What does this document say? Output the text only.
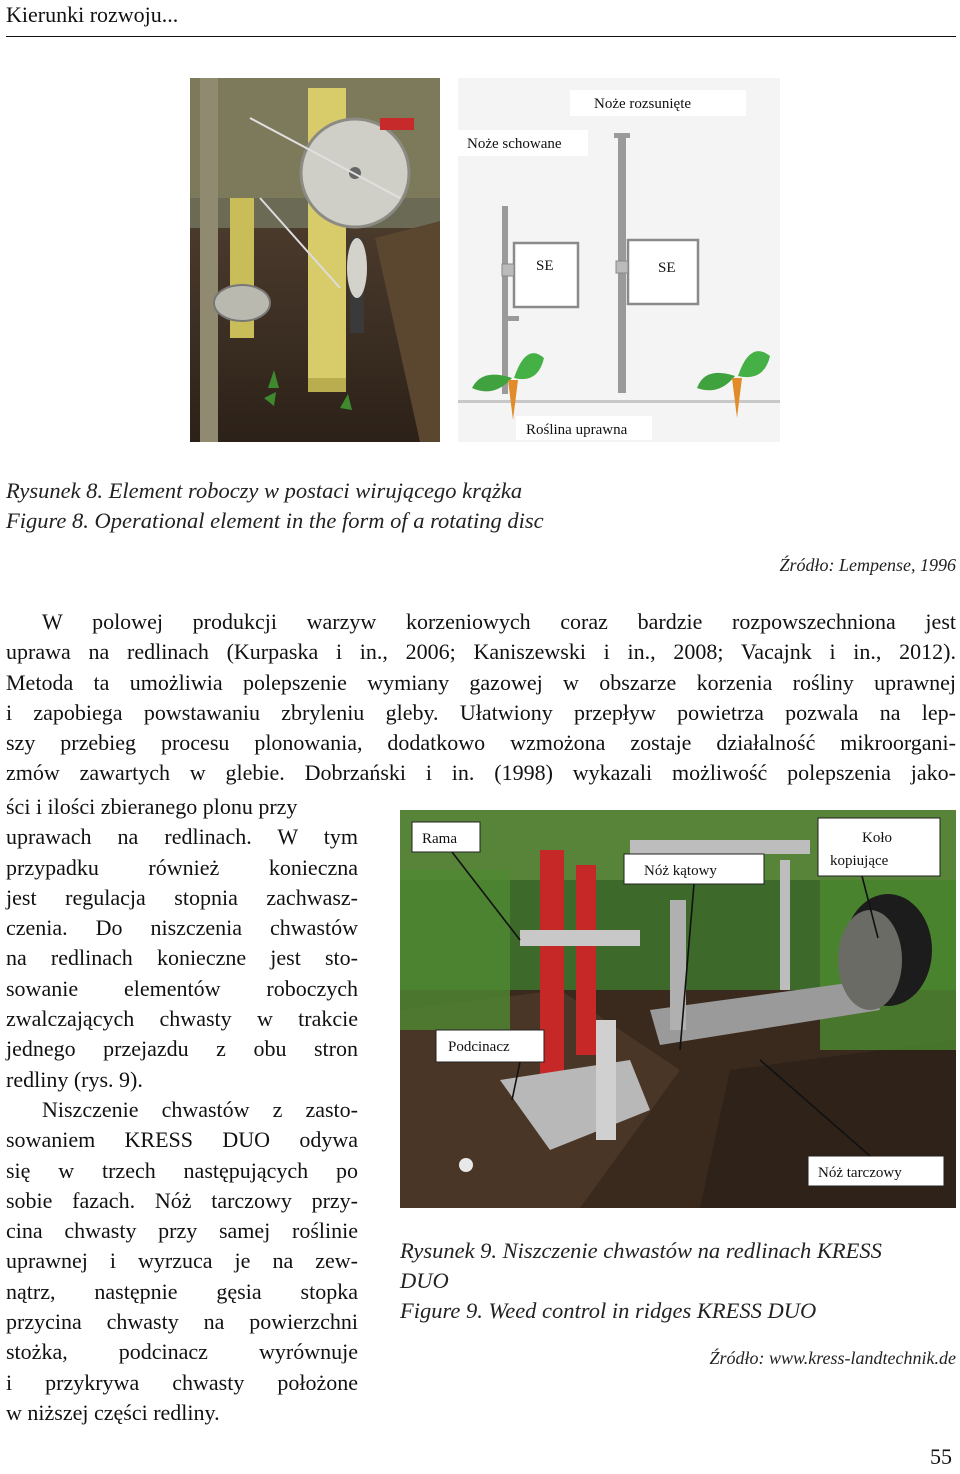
Kierunki rozwoju...
Noże rozsunięte
Noże schowane
SE	SE
Roślina uprawna
Rysunek 8. Element roboczy w postaci wirującego krążka
Figure 8. Operational element in the form of a rotating disc
Źródło: Lempense, 1996
W polowej produkcji warzyw korzeniowych coraz bardzie rozpowszechniona jest
uprawa na redlinach (Kurpaska i in., 2006; Kaniszewski i in., 2008; Vacajnk i in., 2012).
Metoda ta umożliwia polepszenie wymiany gazowej w obszarze korzenia rośliny uprawnej
i zapobiega powstawaniu zbryleniu gleby. Ułatwiony przepływ powietrza pozwala na lep-
szy przebieg procesu plonowania, dodatkowo wzmożona zostaje działalność mikroorgani-
zmów zawartych w glebie. Dobrzański i in. (1998) wykazali możliwość polepszenia jako-
ści i ilości zbieranego plonu przy
uprawach na redlinach. W tym
przypadku również konieczna
jest regulacja stopnia zachwasz-
czenia. Do niszczenia chwastów
na redlinach konieczne jest sto-
sowanie elementów roboczych
zwalczających chwasty w trakcie
jednego przejazdu z obu stron
redliny (rys. 9).
Niszczenie chwastów z zasto-
sowaniem KRESS DUO odywa
się w trzech następujących po
sobie fazach. Nóż tarczowy przy-
cina chwasty przy samej roślinie
uprawnej i wyrzuca je na zew-
nątrz, następnie gęsia stopka
przycina chwasty na powierzchni
stożka, podcinacz wyrównuje
i przykrywa chwasty położone
w niższej części redliny.
Rama
Nóż kątowy
Koło
kopiujące
Podcinacz
Nóż tarczowy
Rysunek 9. Niszczenie chwastów na redlinach KRESS
DUO
Figure 9. Weed control in ridges KRESS DUO
Źródło: www.kress-landtechnik.de
55
